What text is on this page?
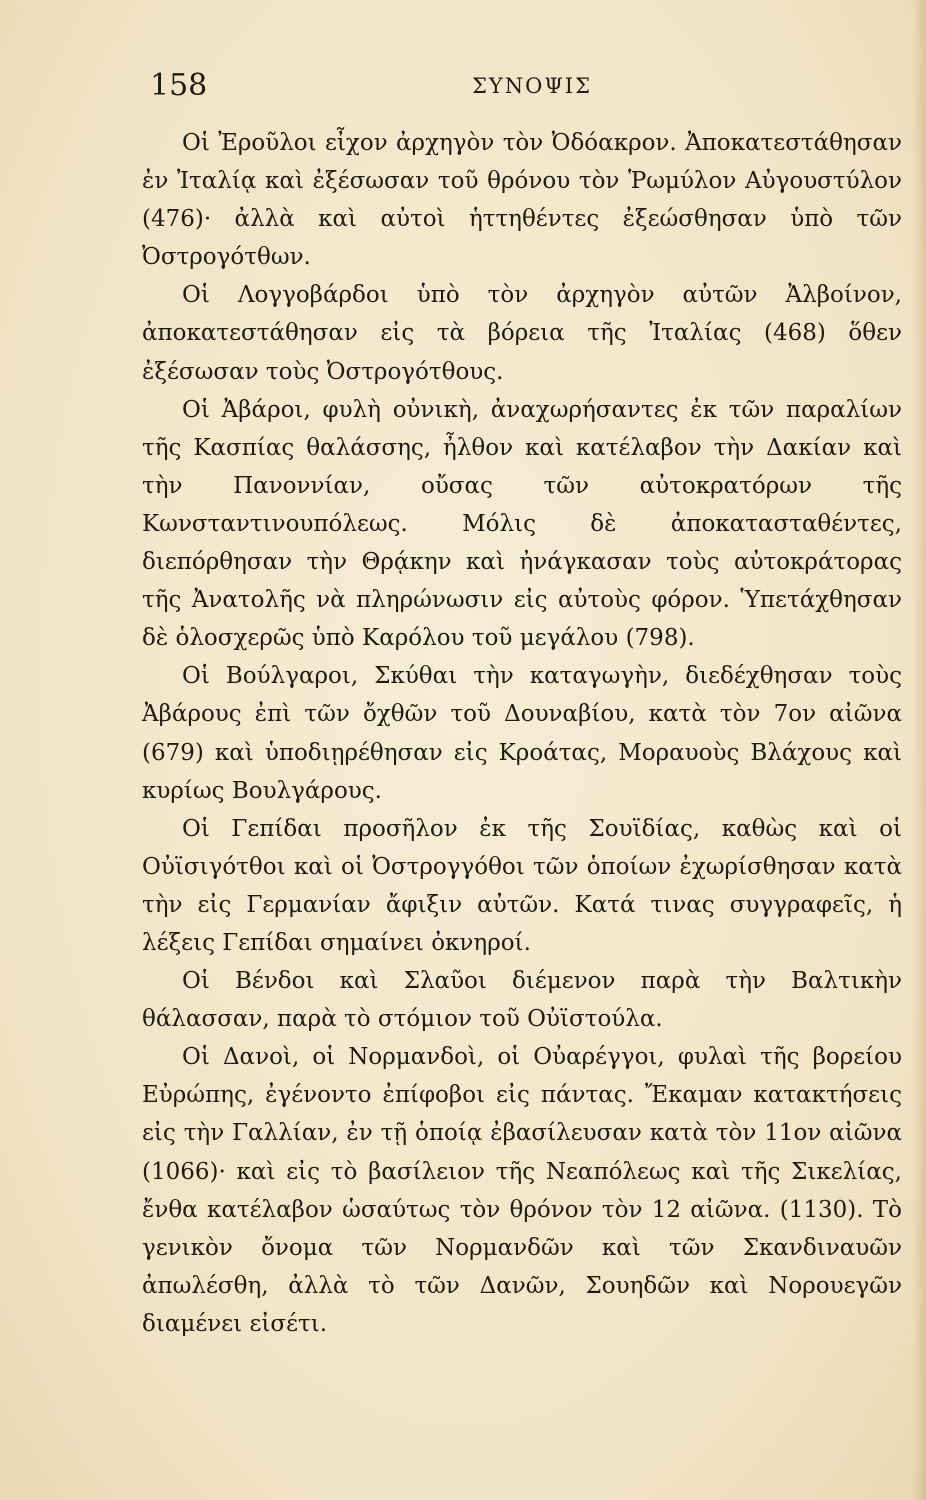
158	ΣΥΝΟΨΙΣ

Οἱ Ἐροῦλοι εἶχον ἀρχηγὸν τὸν Ὀδόακρον. Ἀποκατεστάθησαν ἐν Ἰταλίᾳ καὶ ἐξέσωσαν τοῦ θρόνου τὸν Ῥωμύλον Αὐγουστύλον (476)· ἀλλὰ καὶ αὐτοὶ ἡττηθέντες ἐξεώσθησαν ὑπὸ τῶν Ὀστρογότθων.

Οἱ Λογγοβάρδοι ὑπὸ τὸν ἀρχηγὸν αὐτῶν Ἀλβοίνον, ἀποκατεστάθησαν εἰς τὰ βόρεια τῆς Ἰταλίας (468) ὅθεν ἐξέσωσαν τοὺς Ὀστρογότθους.

Οἱ Ἀβάροι, φυλὴ οὐνικὴ, ἀναχωρήσαντες ἐκ τῶν παραλίων τῆς Κασπίας θαλάσσης, ἦλθον καὶ κατέλαβον τὴν Δακίαν καὶ τὴν Πανοννίαν, οὔσας τῶν αὐτοκρατόρων τῆς Κωνσταντινουπόλεως. Μόλις δὲ ἀποκατασταθέντες, διεπόρθησαν τὴν Θρᾴκην καὶ ἠνάγκασαν τοὺς αὐτοκράτορας τῆς Ἀνατολῆς νὰ πληρώνωσιν εἰς αὐτοὺς φόρον. Ὑπετάχθησαν δὲ ὁλοσχερῶς ὑπὸ Καρόλου τοῦ μεγάλου (798).

Οἱ Βούλγαροι, Σκύθαι τὴν καταγωγὴν, διεδέχθησαν τοὺς Ἀβάρους ἐπὶ τῶν ὄχθῶν τοῦ Δουναβίου, κατὰ τὸν 7ον αἰῶνα (679) καὶ ὑποδιῃρέθησαν εἰς Κροάτας, Μοραυοὺς Βλάχους καὶ κυρίως Βουλγάρους.

Οἱ Γεπίδαι προσῆλον ἐκ τῆς Σουϊδίας, καθὼς καὶ οἱ Οὐϊσιγότθοι καὶ οἱ Ὀστρογγόθοι τῶν ὁποίων ἐχωρίσθησαν κατὰ τὴν εἰς Γερμανίαν ἄφιξιν αὐτῶν. Κατά τινας συγγραφεῖς, ἡ λέξεις Γεπίδαι σημαίνει ὀκνηροί.

Οἱ Βένδοι καὶ Σλαῦοι διέμενον παρὰ τὴν Βαλτικὴν θάλασσαν, παρὰ τὸ στόμιον τοῦ Οὐϊστούλα.

Οἱ Δανοὶ, οἱ Νορμανδοὶ, οἱ Οὐαρέγγοι, φυλαὶ τῆς βορείου Εὐρώπης, ἐγένοντο ἐπίφοβοι εἰς πάντας. Ἔκαμαν κατακτήσεις εἰς τὴν Γαλλίαν, ἐν τῇ ὁποίᾳ ἐβασίλευσαν κατὰ τὸν 11ον αἰῶνα (1066)· καὶ εἰς τὸ βασίλειον τῆς Νεαπόλεως καὶ τῆς Σικελίας, ἔνθα κατέλαβον ὡσαύτως τὸν θρόνον τὸν 12 αἰῶνα. (1130). Τὸ γενικὸν ὄνομα τῶν Νορμανδῶν καὶ τῶν Σκανδιναυῶν ἀπωλέσθη, ἀλλὰ τὸ τῶν Δανῶν, Σουηδῶν καὶ Νορουεγῶν διαμένει εἰσέτι.
